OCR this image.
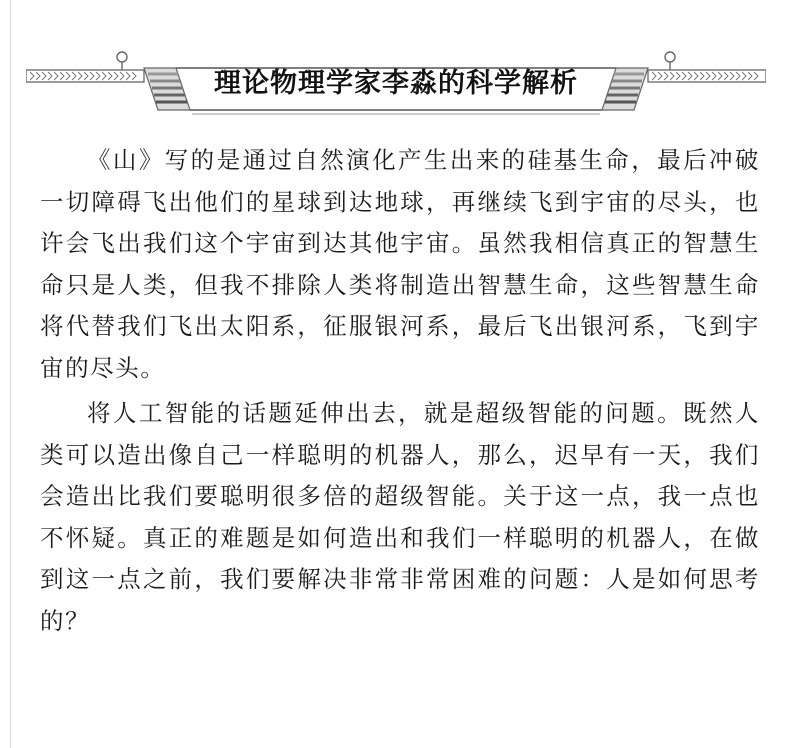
理论物理学家李淼的科学解析

《山》写的是通过自然演化产生出来的硅基生命，最后冲破一切障碍飞出他们的星球到达地球，再继续飞到宇宙的尽头，也许会飞出我们这个宇宙到达其他宇宙。虽然我相信真正的智慧生命只是人类，但我不排除人类将制造出智慧生命，这些智慧生命将代替我们飞出太阳系，征服银河系，最后飞出银河系，飞到宇宙的尽头。

将人工智能的话题延伸出去，就是超级智能的问题。既然人类可以造出像自己一样聪明的机器人，那么，迟早有一天，我们会造出比我们要聪明很多倍的超级智能。关于这一点，我一点也不怀疑。真正的难题是如何造出和我们一样聪明的机器人，在做到这一点之前，我们要解决非常非常困难的问题：人是如何思考的？
